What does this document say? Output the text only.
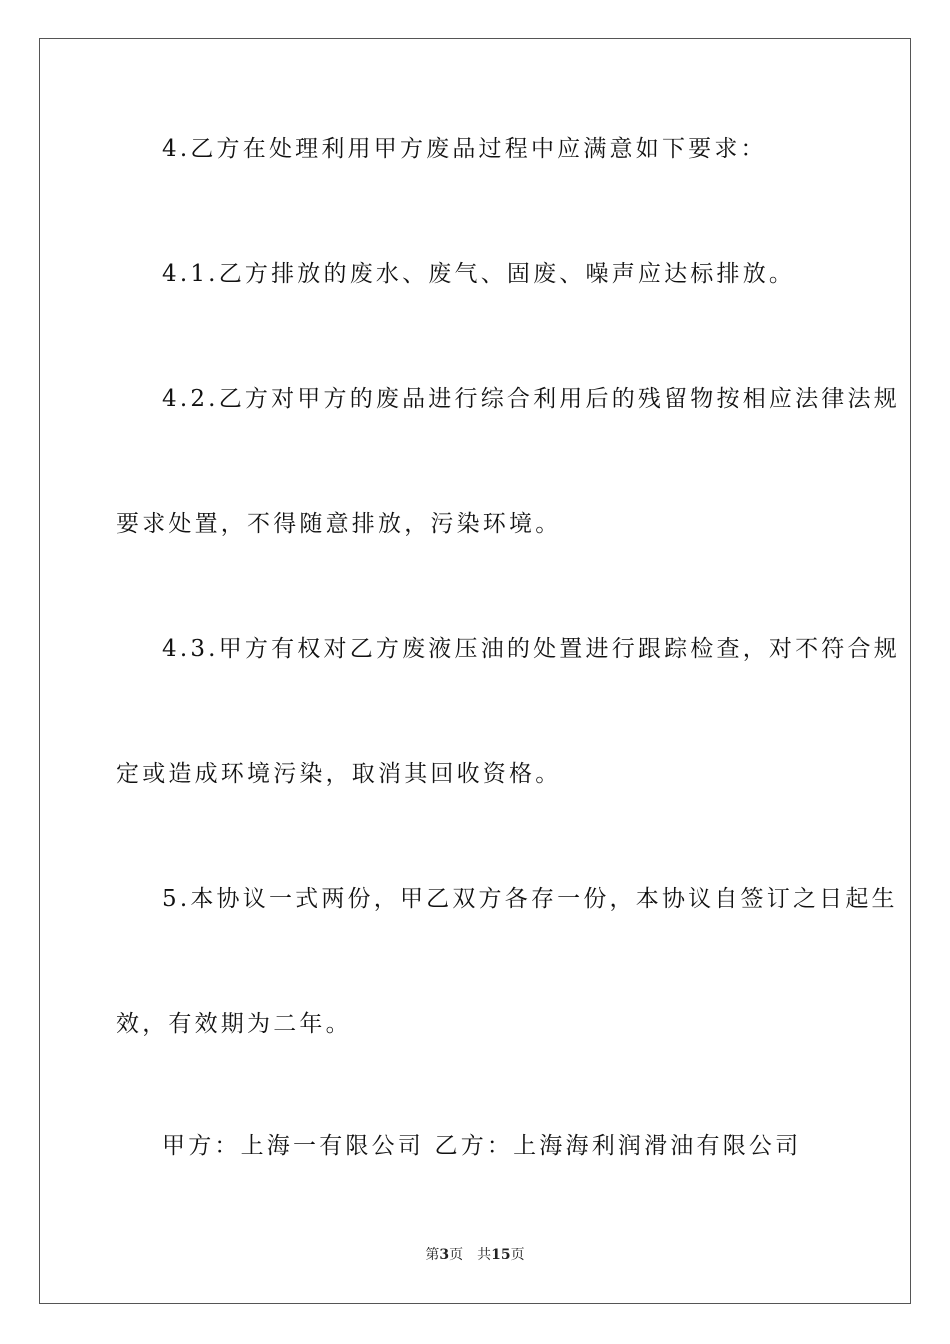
4.乙方在处理利用甲方废品过程中应满意如下要求：
4.1.乙方排放的废水、废气、固废、噪声应达标排放。
4.2.乙方对甲方的废品进行综合利用后的残留物按相应法律法规
要求处置，不得随意排放，污染环境。
4.3.甲方有权对乙方废液压油的处置进行跟踪检查，对不符合规
定或造成环境污染，取消其回收资格。
5.本协议一式两份，甲乙双方各存一份，本协议自签订之日起生
效，有效期为二年。
甲方：上海一有限公司 乙方：上海海利润滑油有限公司
第3页 共15页
